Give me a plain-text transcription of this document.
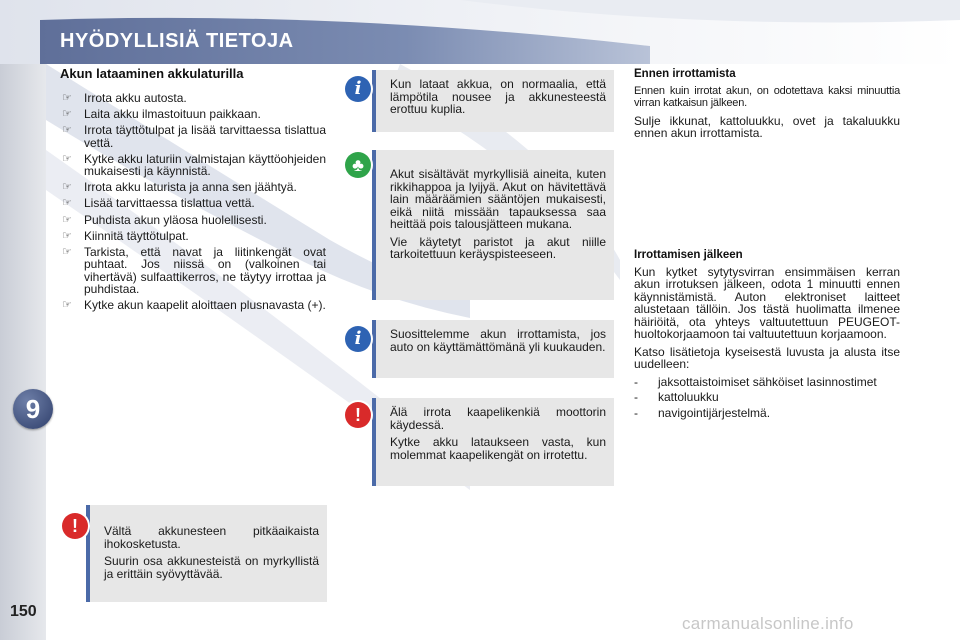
HYÖDYLLISIÄ TIETOJA
9
150
Akun lataaminen akkulaturilla
☞ Irrota akku autosta.
☞ Laita akku ilmastoituun paikkaan.
☞ Irrota täyttötulpat ja lisää tarvittaessa tislattua vettä.
☞ Kytke akku laturiin valmistajan käyttöohjeiden mukaisesti ja käynnistä.
☞ Irrota akku laturista ja anna sen jäähtyä.
☞ Lisää tarvittaessa tislattua vettä.
☞ Puhdista akun yläosa huolellisesti.
☞ Kiinnitä täyttötulpat.
☞ Tarkista, että navat ja liitinkengät ovat puhtaat. Jos niissä on (valkoinen tai vihertävä) sulfaattikerros, ne täytyy irrottaa ja puhdistaa.
☞ Kytke akun kaapelit aloittaen plusnavasta (+).
!	Vältä akkunesteen pitkäaikaista ihokosketusta.

Suurin osa akkunesteistä on myrkyllistä ja erittäin syövyttävää.

i	Kun lataat akkua, on normaalia, että lämpötila nousee ja akkunesteestä erottuu kuplia.

♣	Akut sisältävät myrkyllisiä aineita, kuten rikkihappoa ja lyijyä. Akut on hävitettävä lain määräämien sääntöjen mukaisesti, eikä niitä missään tapauksessa saa heittää pois talousjätteen mukana.

Vie käytetyt paristot ja akut niille tarkoitettuun keräyspisteeseen.

i	Suosittelemme akun irrottamista, jos auto on käyttämättömänä yli kuukauden.

!	Älä irrota kaapelikenkiä moottorin käydessä.

Kytke akku lataukseen vasta, kun molemmat kaapelikengät on irrotettu.

Ennen irrottamista

Ennen kuin irrotat akun, on odotettava kaksi minuuttia virran katkaisun jälkeen.

Sulje ikkunat, kattoluukku, ovet ja takaluukku ennen akun irrottamista.

Irrottamisen jälkeen

Kun kytket sytytysvirran ensimmäisen kerran akun irrotuksen jälkeen, odota 1 minuutti ennen käynnistämistä. Auton elektroniset laitteet alustetaan tällöin. Jos tästä huolimatta ilmenee häiriöitä, ota yhteys valtuutettuun PEUGEOT-huoltokorjaamoon tai valtuutettuun korjaamoon.

Katso lisätietoja kyseisestä luvusta ja alusta itse uudelleen:

- jaksottaistoimiset sähköiset lasinnostimet
- kattoluukku
- navigointijärjestelmä.
carmanualsonline.info
